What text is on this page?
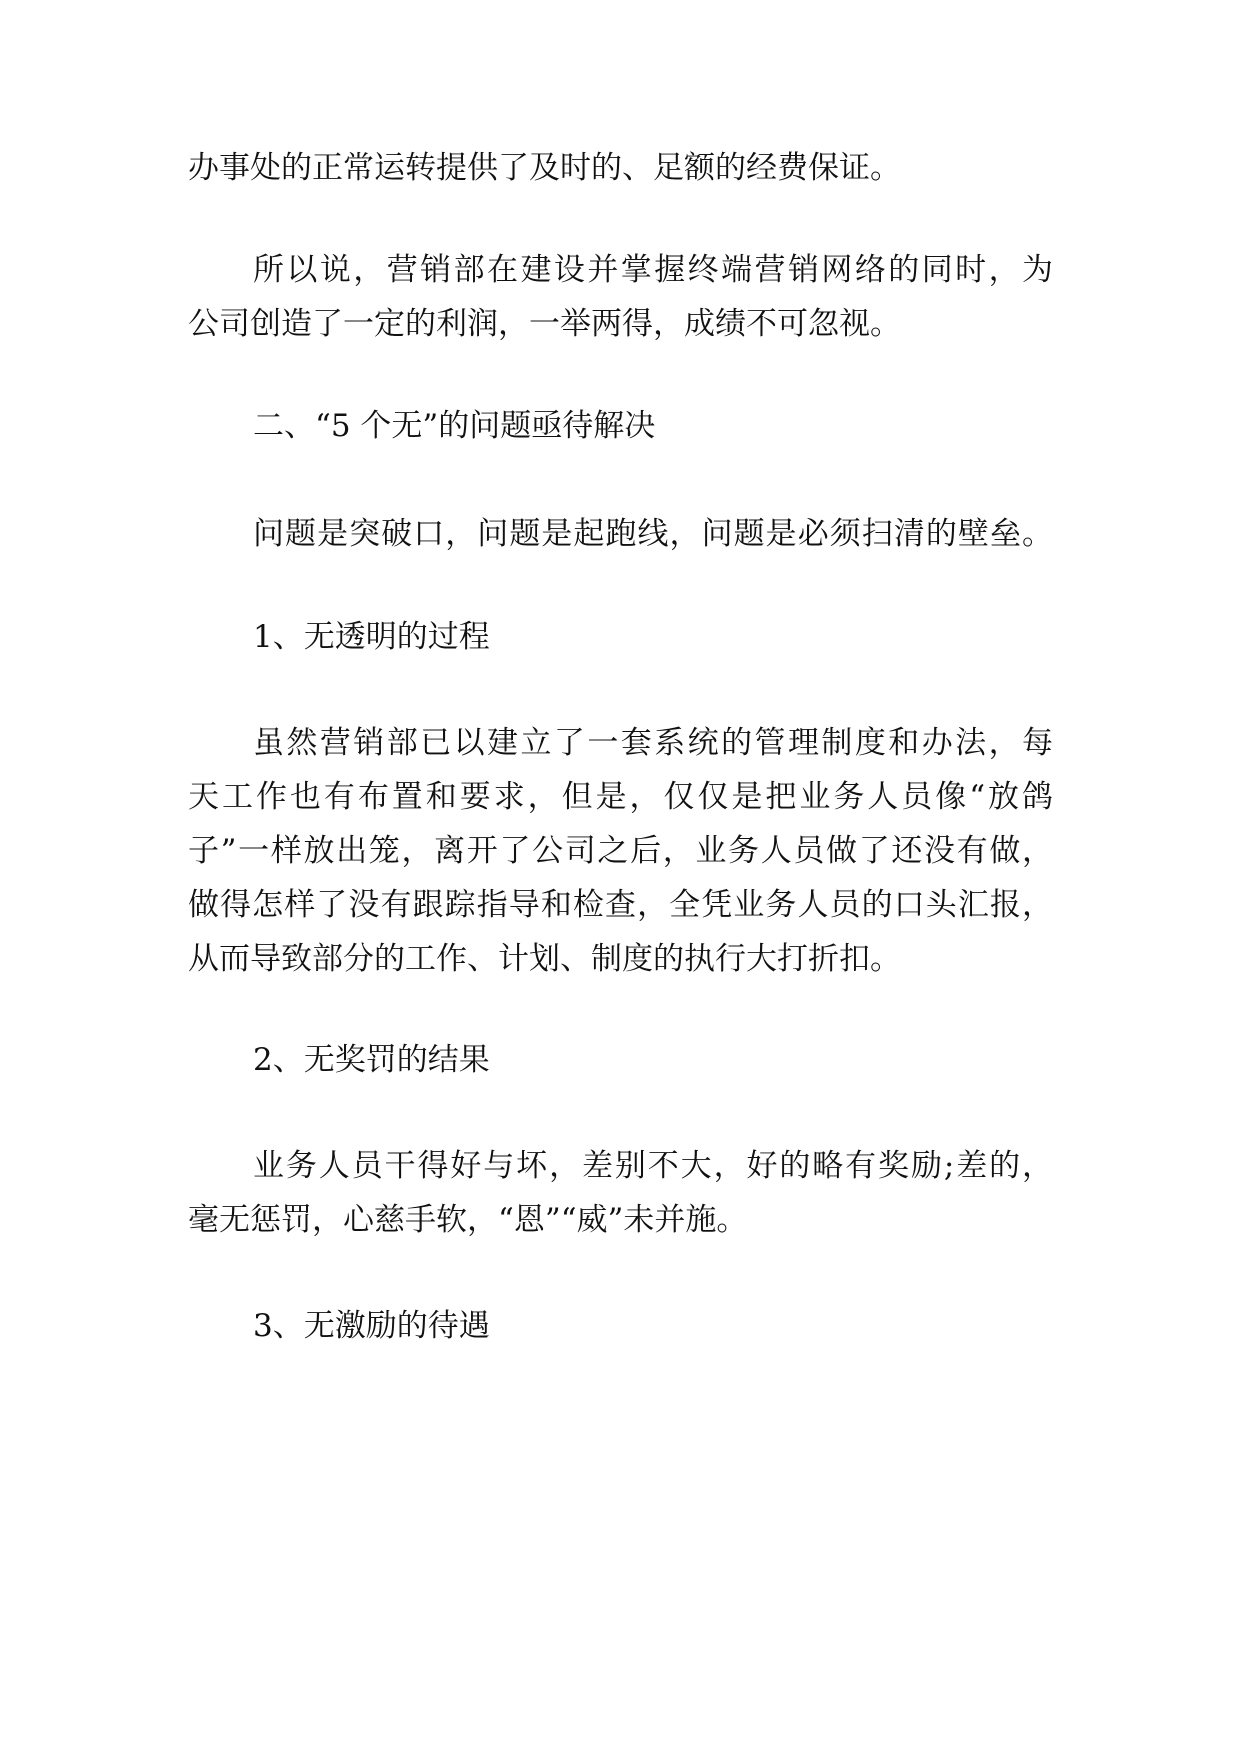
办事处的正常运转提供了及时的、足额的经费保证。
所以说，营销部在建设并掌握终端营销网络的同时，为
公司创造了一定的利润，一举两得，成绩不可忽视。
二、“5 个无”的问题亟待解决
问题是突破口，问题是起跑线，问题是必须扫清的壁垒。
1、无透明的过程
虽然营销部已以建立了一套系统的管理制度和办法，每
天工作也有布置和要求，但是，仅仅是把业务人员像“放鸽
子”一样放出笼，离开了公司之后，业务人员做了还没有做，
做得怎样了没有跟踪指导和检查，全凭业务人员的口头汇报，
从而导致部分的工作、计划、制度的执行大打折扣。
2、无奖罚的结果
业务人员干得好与坏，差别不大，好的略有奖励;差的，
毫无惩罚，心慈手软，“恩”“威”未并施。
3、无激励的待遇
